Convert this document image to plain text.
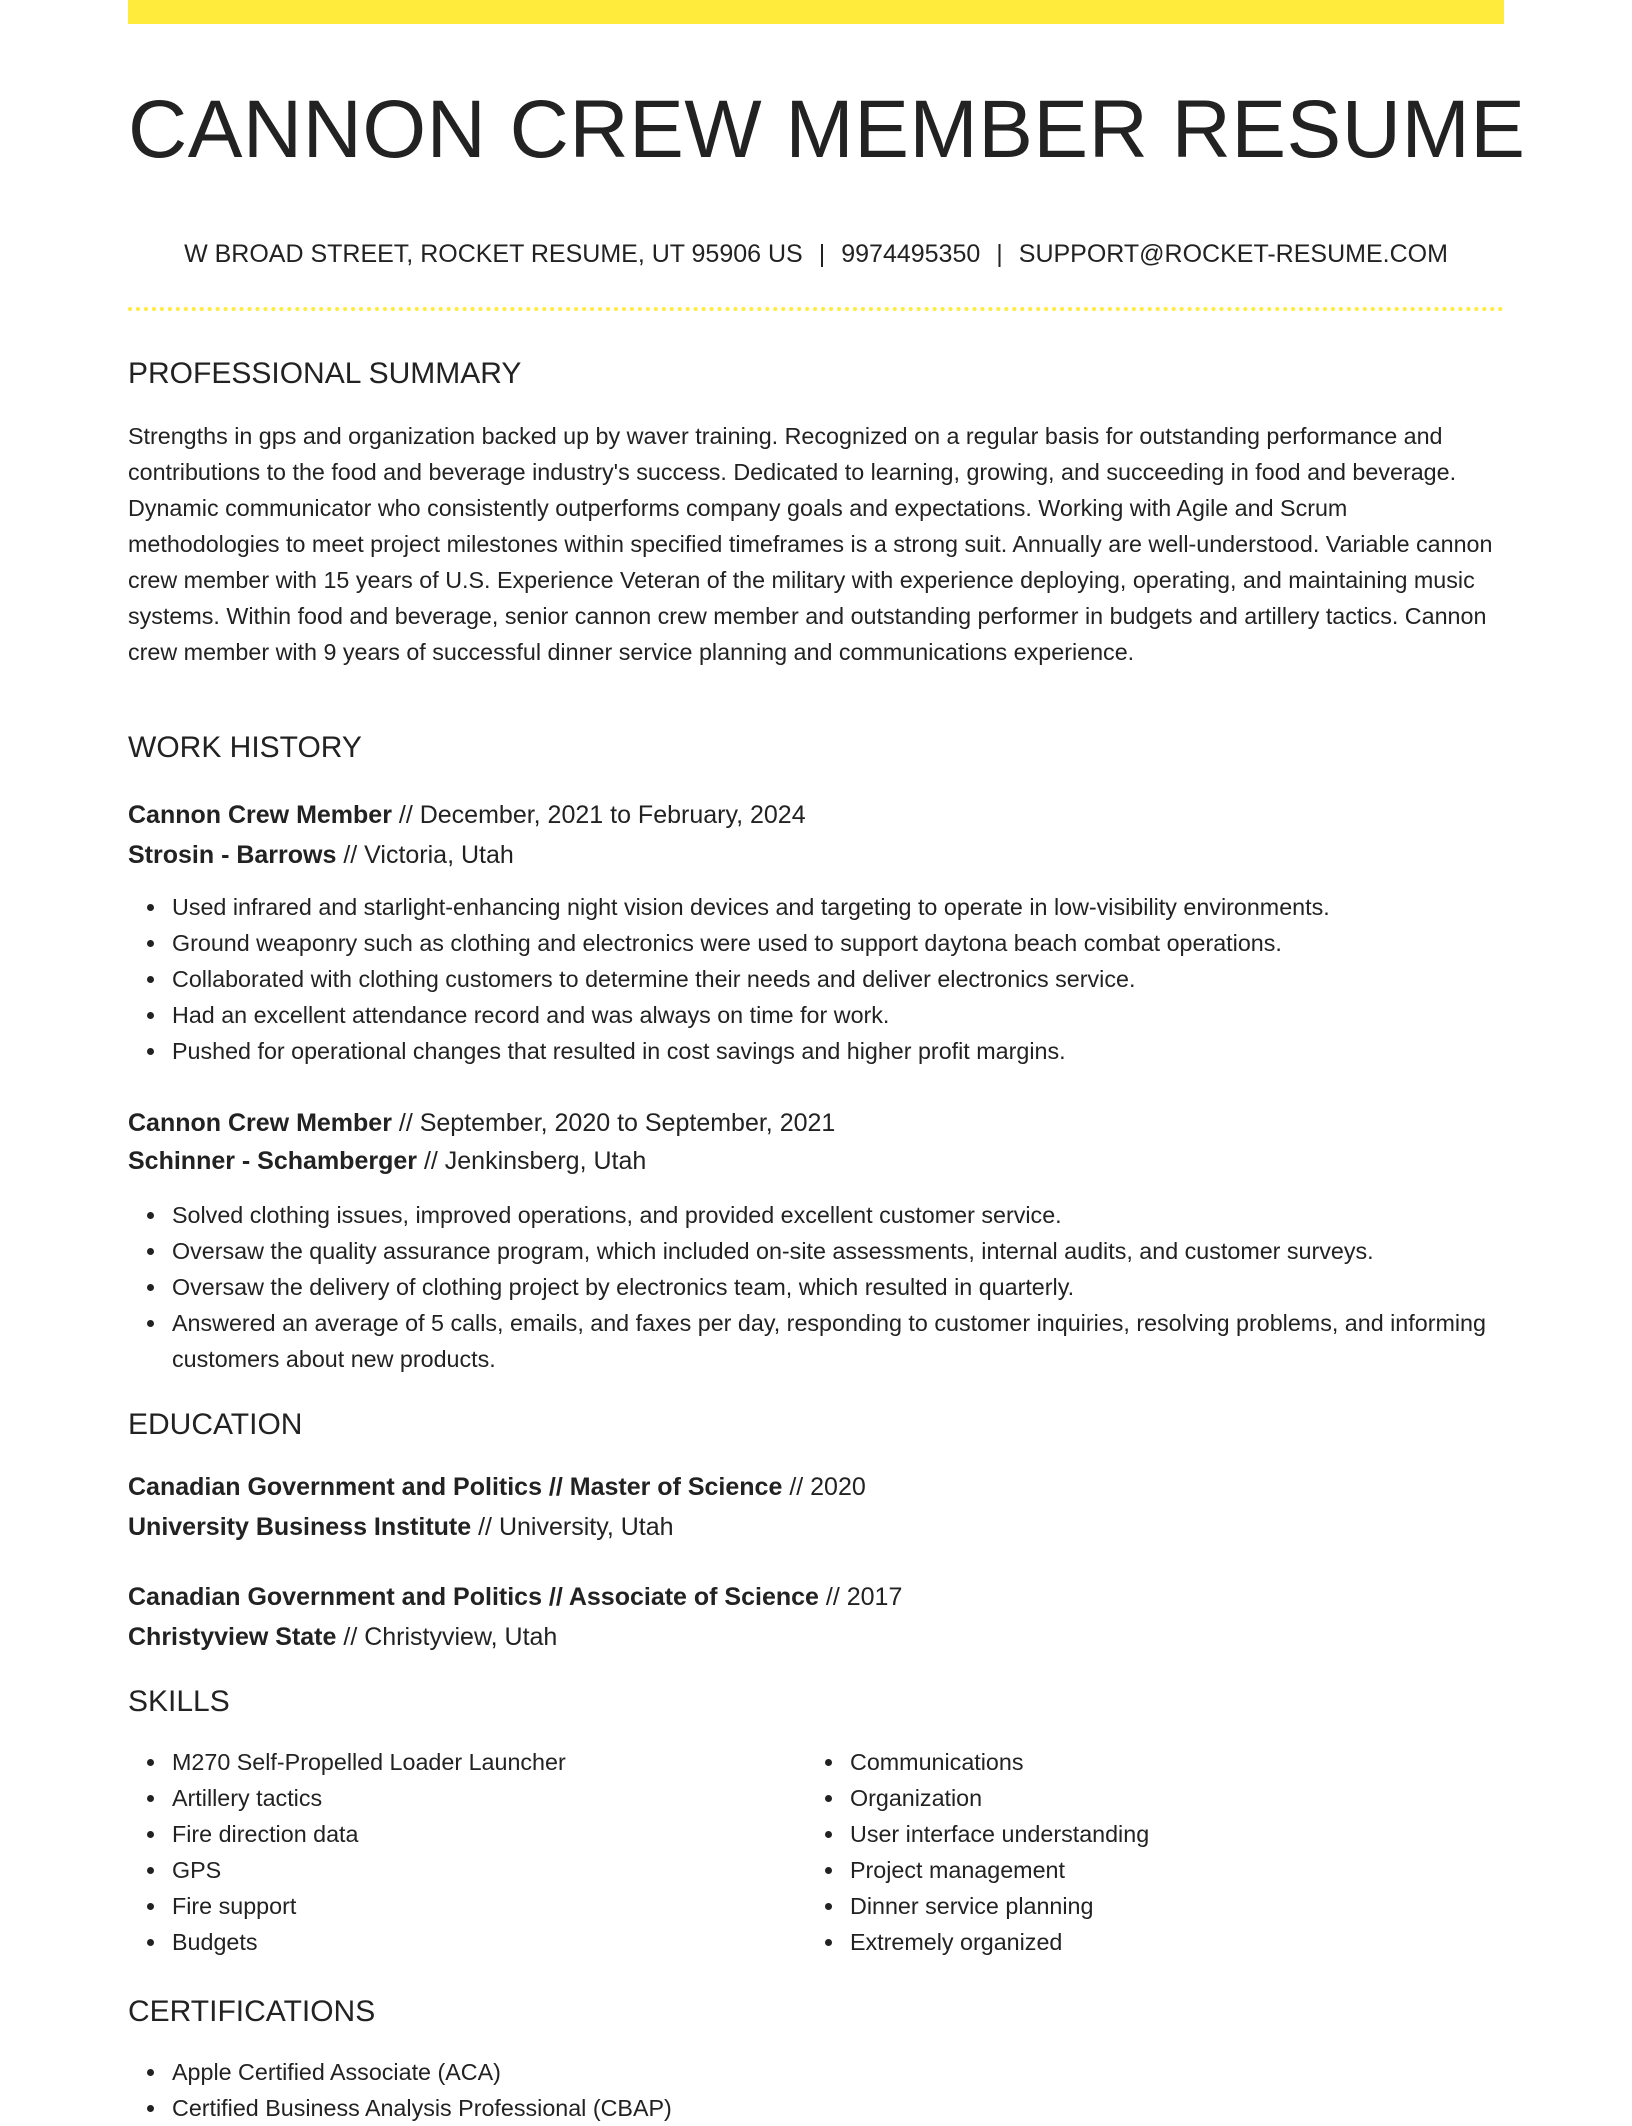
CANNON CREW MEMBER RESUME
W BROAD STREET, ROCKET RESUME, UT 95906 US | 9974495350 | SUPPORT@ROCKET-RESUME.COM
PROFESSIONAL SUMMARY

Strengths in gps and organization backed up by waver training. Recognized on a regular basis for outstanding performance and contributions to the food and beverage industry's success. Dedicated to learning, growing, and succeeding in food and beverage. Dynamic communicator who consistently outperforms company goals and expectations. Working with Agile and Scrum methodologies to meet project milestones within specified timeframes is a strong suit. Annually are well-understood. Variable cannon crew member with 15 years of U.S. Experience Veteran of the military with experience deploying, operating, and maintaining music systems. Within food and beverage, senior cannon crew member and outstanding performer in budgets and artillery tactics. Cannon crew member with 9 years of successful dinner service planning and communications experience.

WORK HISTORY
Cannon Crew Member // December, 2021 to February, 2024
Strosin - Barrows // Victoria, Utah
Used infrared and starlight-enhancing night vision devices and targeting to operate in low-visibility environments.
Ground weaponry such as clothing and electronics were used to support daytona beach combat operations.
Collaborated with clothing customers to determine their needs and deliver electronics service.
Had an excellent attendance record and was always on time for work.
Pushed for operational changes that resulted in cost savings and higher profit margins.
Cannon Crew Member // September, 2020 to September, 2021
Schinner - Schamberger // Jenkinsberg, Utah
Solved clothing issues, improved operations, and provided excellent customer service.
Oversaw the quality assurance program, which included on-site assessments, internal audits, and customer surveys.
Oversaw the delivery of clothing project by electronics team, which resulted in quarterly.
Answered an average of 5 calls, emails, and faxes per day, responding to customer inquiries, resolving problems, and informing customers about new products.
EDUCATION
Canadian Government and Politics // Master of Science // 2020
University Business Institute // University, Utah
Canadian Government and Politics // Associate of Science // 2017
Christyview State // Christyview, Utah
SKILLS
M270 Self-Propelled Loader Launcher
Artillery tactics
Fire direction data
GPS
Fire support
Budgets
Communications
Organization
User interface understanding
Project management
Dinner service planning
Extremely organized
CERTIFICATIONS
Apple Certified Associate (ACA)
Certified Business Analysis Professional (CBAP)
